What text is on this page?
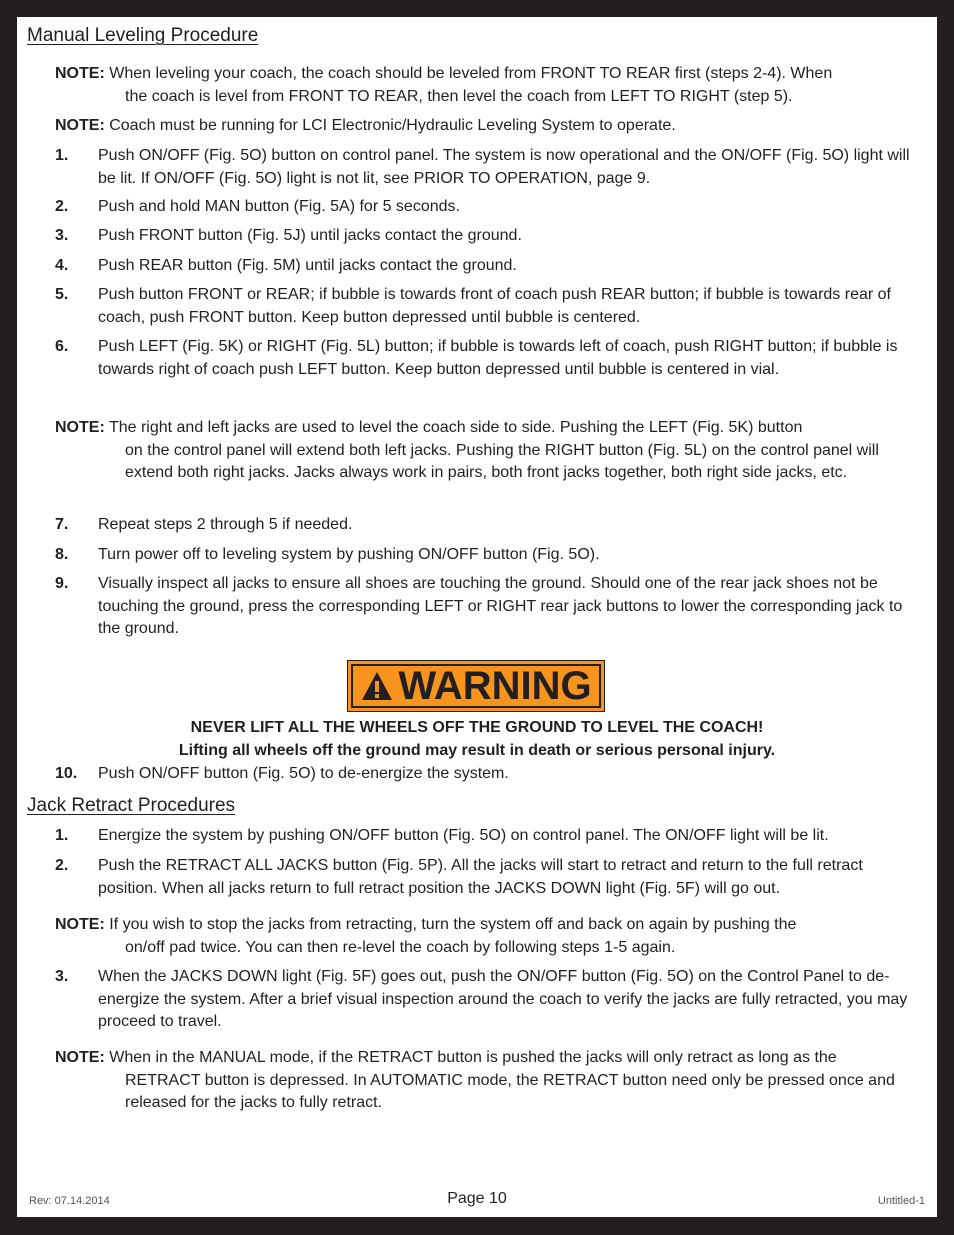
Manual Leveling Procedure
NOTE: When leveling your coach, the coach should be leveled from FRONT TO REAR first (steps 2-4). When
the coach is level from FRONT TO REAR, then level the coach from LEFT TO RIGHT (step 5).
NOTE: Coach must be running for LCI Electronic/Hydraulic Leveling System to operate.
1. Push ON/OFF (Fig. 5O) button on control panel. The system is now operational and the ON/OFF (Fig. 5O) light will be lit. If ON/OFF (Fig. 5O) light is not lit, see PRIOR TO OPERATION, page 9.
2. Push and hold MAN button (Fig. 5A) for 5 seconds.
3. Push FRONT button (Fig. 5J) until jacks contact the ground.
4. Push REAR button (Fig. 5M) until jacks contact the ground.
5. Push button FRONT or REAR; if bubble is towards front of coach push REAR button; if bubble is towards rear of coach, push FRONT button. Keep button depressed until bubble is centered.
6. Push LEFT (Fig. 5K) or RIGHT (Fig. 5L) button; if bubble is towards left of coach, push RIGHT button; if bubble is towards right of coach push LEFT button. Keep button depressed until bubble is centered in vial.
NOTE: The right and left jacks are used to level the coach side to side. Pushing the LEFT (Fig. 5K) button
on the control panel will extend both left jacks. Pushing the RIGHT button (Fig. 5L) on the control panel will extend both right jacks. Jacks always work in pairs, both front jacks together, both right side jacks, etc.
7. Repeat steps 2 through 5 if needed.
8. Turn power off to leveling system by pushing ON/OFF button (Fig. 5O).
9. Visually inspect all jacks to ensure all shoes are touching the ground. Should one of the rear jack shoes not be touching the ground, press the corresponding LEFT or RIGHT rear jack buttons to lower the corresponding jack to the ground.
WARNING
NEVER LIFT ALL THE WHEELS OFF THE GROUND TO LEVEL THE COACH!
Lifting all wheels off the ground may result in death or serious personal injury.
10. Push ON/OFF button (Fig. 5O) to de-energize the system.
Jack Retract Procedures
1. Energize the system by pushing ON/OFF button (Fig. 5O) on control panel. The ON/OFF light will be lit.
2. Push the RETRACT ALL JACKS button (Fig. 5P). All the jacks will start to retract and return to the full retract position. When all jacks return to full retract position the JACKS DOWN light (Fig. 5F) will go out.
NOTE: If you wish to stop the jacks from retracting, turn the system off and back on again by pushing the
on/off pad twice. You can then re-level the coach by following steps 1-5 again.
3. When the JACKS DOWN light (Fig. 5F) goes out, push the ON/OFF button (Fig. 5O) on the Control Panel to de-energize the system. After a brief visual inspection around the coach to verify the jacks are fully retracted, you may proceed to travel.
NOTE: When in the MANUAL mode, if the RETRACT button is pushed the jacks will only retract as long as the
RETRACT button is depressed. In AUTOMATIC mode, the RETRACT button need only be pressed once and released for the jacks to fully retract.
Rev: 07.14.2014	Page 10	Untitled-1
